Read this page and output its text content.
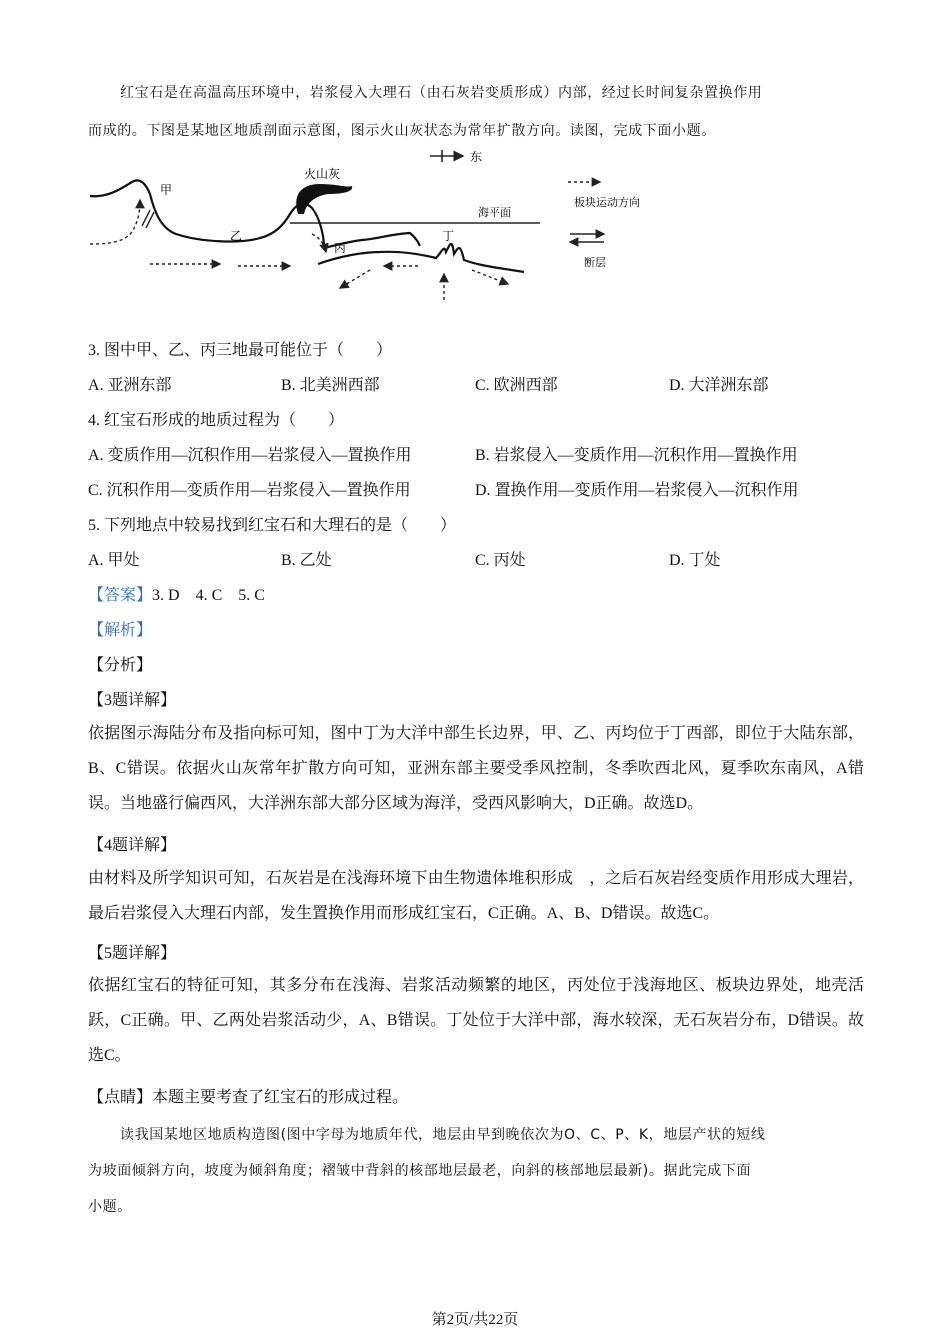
红宝石是在高温高压环境中，岩浆侵入大理石（由石灰岩变质形成）内部，经过长时间复杂置换作用
而成的。下图是某地区地质剖面示意图，图示火山灰状态为常年扩散方向。读图，完成下面小题。
东
海平面
火山灰
甲
乙
丙
丁
板块运动方向
断层
3. 图中甲、乙、丙三地最可能位于（　　）
A. 亚洲东部	B. 北美洲西部	C. 欧洲西部	D. 大洋洲东部
4. 红宝石形成的地质过程为（　　）
A. 变质作用—沉积作用—岩浆侵入—置换作用	B. 岩浆侵入—变质作用—沉积作用—置换作用
C. 沉积作用—变质作用—岩浆侵入—置换作用	D. 置换作用—变质作用—岩浆侵入—沉积作用
5. 下列地点中较易找到红宝石和大理石的是（　　）
A. 甲处	B. 乙处	C. 丙处	D. 丁处
【答案】3. D　4. C　5. C
【解析】
【分析】
【3题详解】
依据图示海陆分布及指向标可知，图中丁为大洋中部生长边界，甲、乙、丙均位于丁西部，即位于大陆东部，B、C错误。依据火山灰常年扩散方向可知，亚洲东部主要受季风控制，冬季吹西北风，夏季吹东南风，A错误。当地盛行偏西风，大洋洲东部大部分区域为海洋，受西风影响大，D正确。故选D。
【4题详解】
由材料及所学知识可知，石灰岩是在浅海环境下由生物遗体堆积形成　，之后石灰岩经变质作用形成大理岩，最后岩浆侵入大理石内部，发生置换作用而形成红宝石，C正确。A、B、D错误。故选C。
【5题详解】
依据红宝石的特征可知，其多分布在浅海、岩浆活动频繁的地区，丙处位于浅海地区、板块边界处，地壳活跃，C正确。甲、乙两处岩浆活动少，A、B错误。丁处位于大洋中部，海水较深，无石灰岩分布，D错误。故选C。
【点睛】本题主要考查了红宝石的形成过程。
读我国某地区地质构造图(图中字母为地质年代，地层由早到晚依次为O、C、P、K，地层产状的短线
为坡面倾斜方向，坡度为倾斜角度；褶皱中背斜的核部地层最老，向斜的核部地层最新)。据此完成下面
小题。
第2页/共22页
